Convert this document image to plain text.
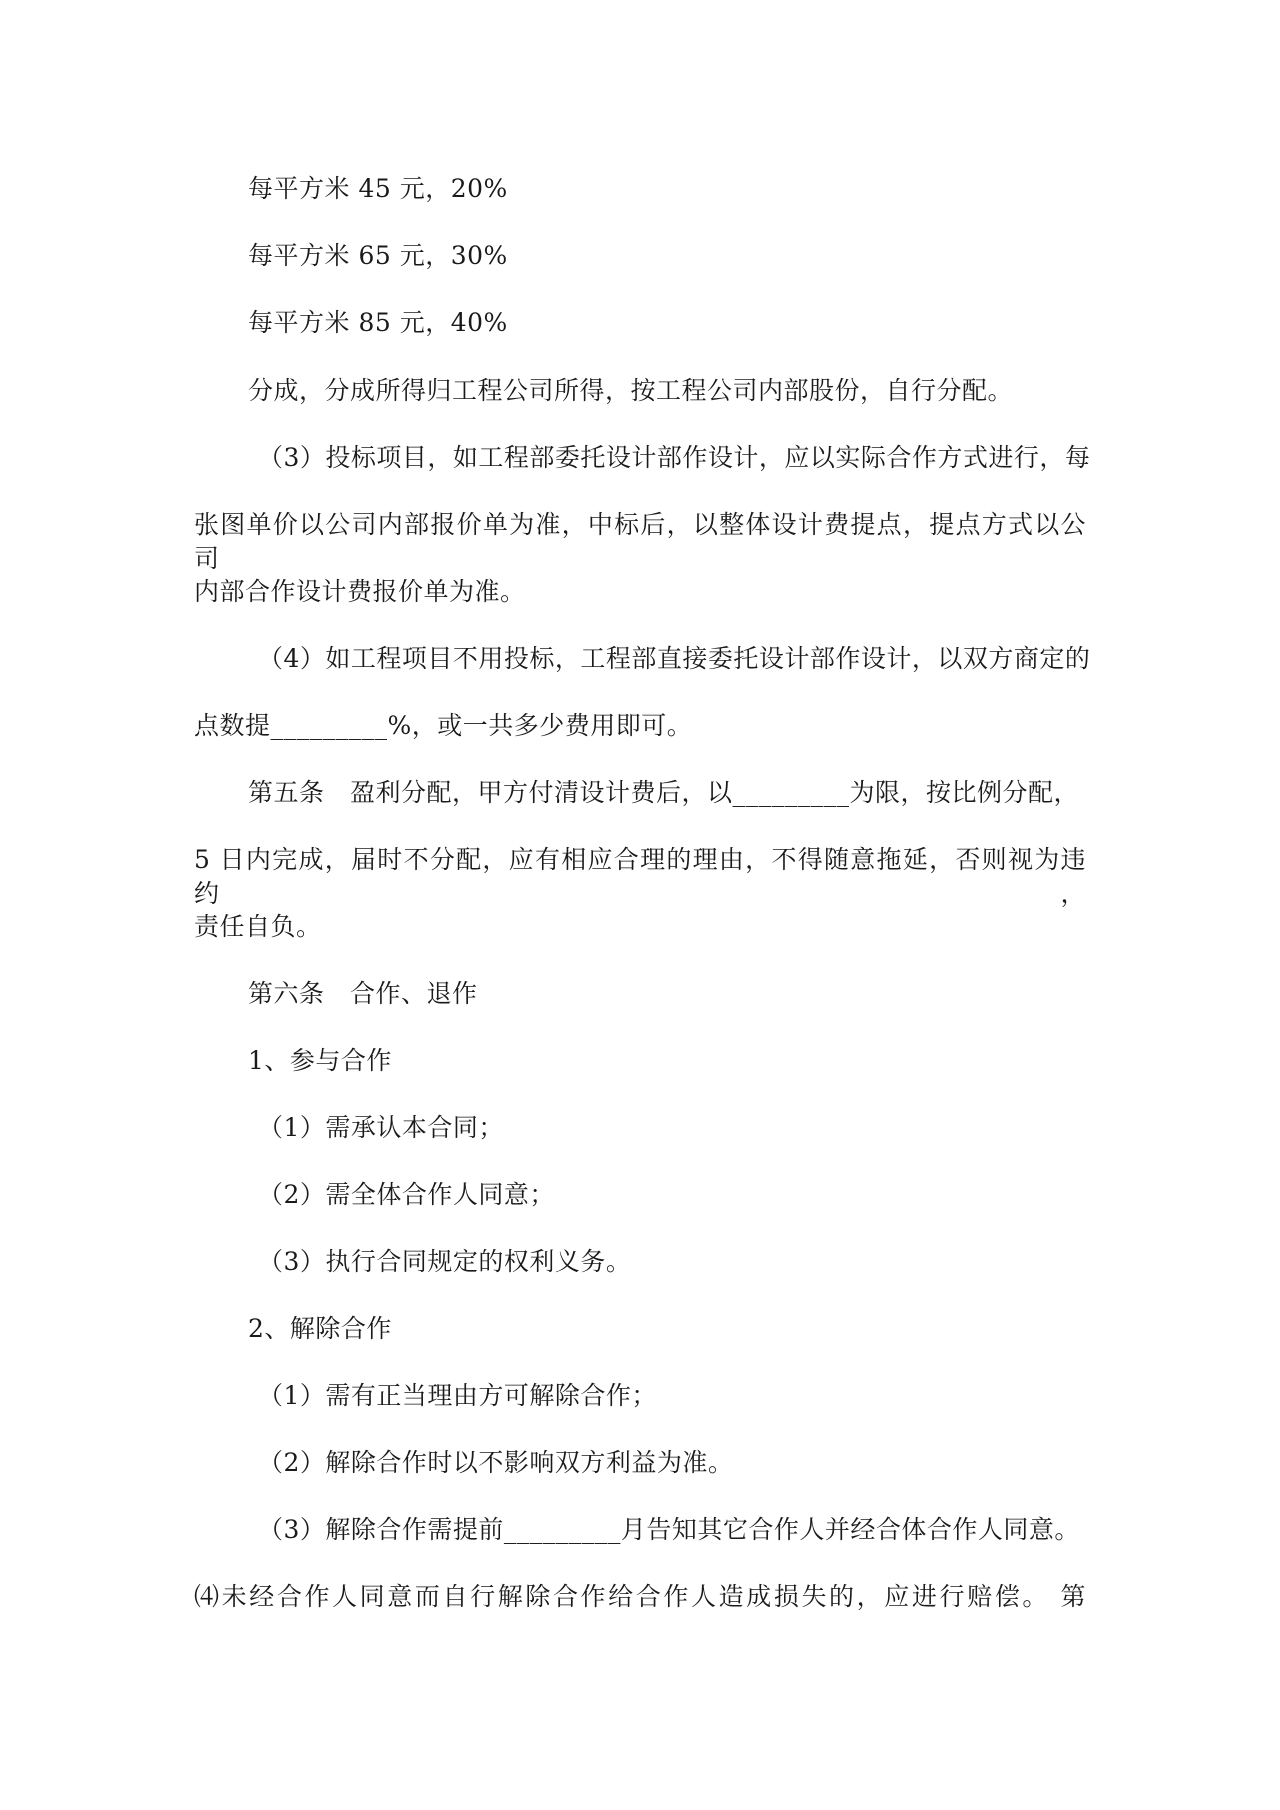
每平方米 45 元，20%
每平方米 65 元，30%
每平方米 85 元，40%
分成，分成所得归工程公司所得，按工程公司内部股份，自行分配。
（3）投标项目，如工程部委托设计部作设计，应以实际合作方式进行，每
张图单价以公司内部报价单为准，中标后，以整体设计费提点，提点方式以公司
内部合作设计费报价单为准。
（4）如工程项目不用投标，工程部直接委托设计部作设计，以双方商定的
点数提_________%，或一共多少费用即可。
第五条　盈利分配，甲方付清设计费后，以_________为限，按比例分配，
5 日内完成，届时不分配，应有相应合理的理由，不得随意拖延，否则视为违约，
责任自负。
第六条　合作、退作
1、参与合作
（1）需承认本合同；
（2）需全体合作人同意；
（3）执行合同规定的权利义务。
2、解除合作
（1）需有正当理由方可解除合作；
（2）解除合作时以不影响双方利益为准。
（3）解除合作需提前_________月告知其它合作人并经合体合作人同意。
⑷未经合作人同意而自行解除合作给合作人造成损失的，应进行赔偿。 第
